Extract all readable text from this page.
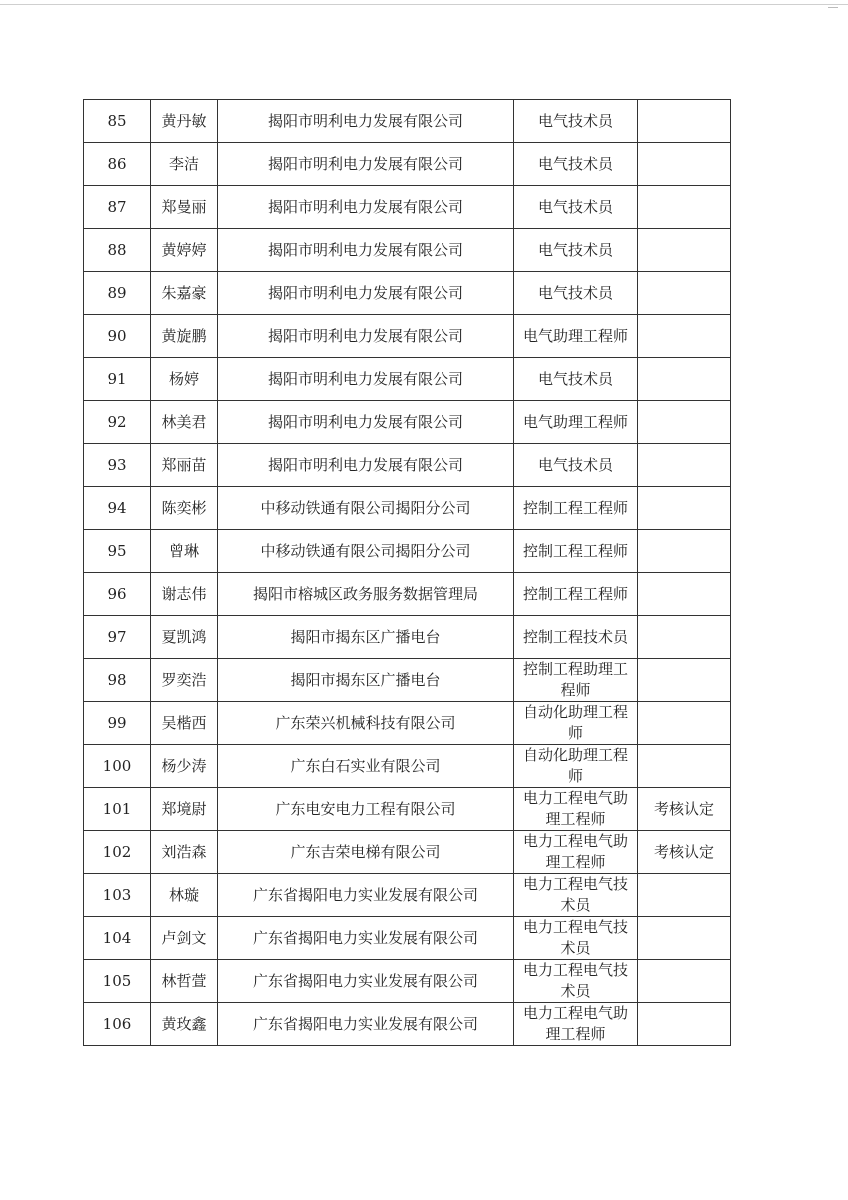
85	黄丹敏	揭阳市明利电力发展有限公司	电气技术员	
86	李洁	揭阳市明利电力发展有限公司	电气技术员	
87	郑曼丽	揭阳市明利电力发展有限公司	电气技术员	
88	黄婷婷	揭阳市明利电力发展有限公司	电气技术员	
89	朱嘉豪	揭阳市明利电力发展有限公司	电气技术员	
90	黄旋鹏	揭阳市明利电力发展有限公司	电气助理工程师	
91	杨婷	揭阳市明利电力发展有限公司	电气技术员	
92	林美君	揭阳市明利电力发展有限公司	电气助理工程师	
93	郑丽苗	揭阳市明利电力发展有限公司	电气技术员	
94	陈奕彬	中移动铁通有限公司揭阳分公司	控制工程工程师	
95	曾琳	中移动铁通有限公司揭阳分公司	控制工程工程师	
96	谢志伟	揭阳市榕城区政务服务数据管理局	控制工程工程师	
97	夏凯鸿	揭阳市揭东区广播电台	控制工程技术员	
98	罗奕浩	揭阳市揭东区广播电台	控制工程助理工程师	
99	吴楷西	广东荣兴机械科技有限公司	自动化助理工程师	
100	杨少涛	广东白石实业有限公司	自动化助理工程师	
101	郑境尉	广东电安电力工程有限公司	电力工程电气助理工程师	考核认定
102	刘浩森	广东吉荣电梯有限公司	电力工程电气助理工程师	考核认定
103	林璇	广东省揭阳电力实业发展有限公司	电力工程电气技术员	
104	卢剑文	广东省揭阳电力实业发展有限公司	电力工程电气技术员	
105	林哲萱	广东省揭阳电力实业发展有限公司	电力工程电气技术员	
106	黄玫鑫	广东省揭阳电力实业发展有限公司	电力工程电气助理工程师	
